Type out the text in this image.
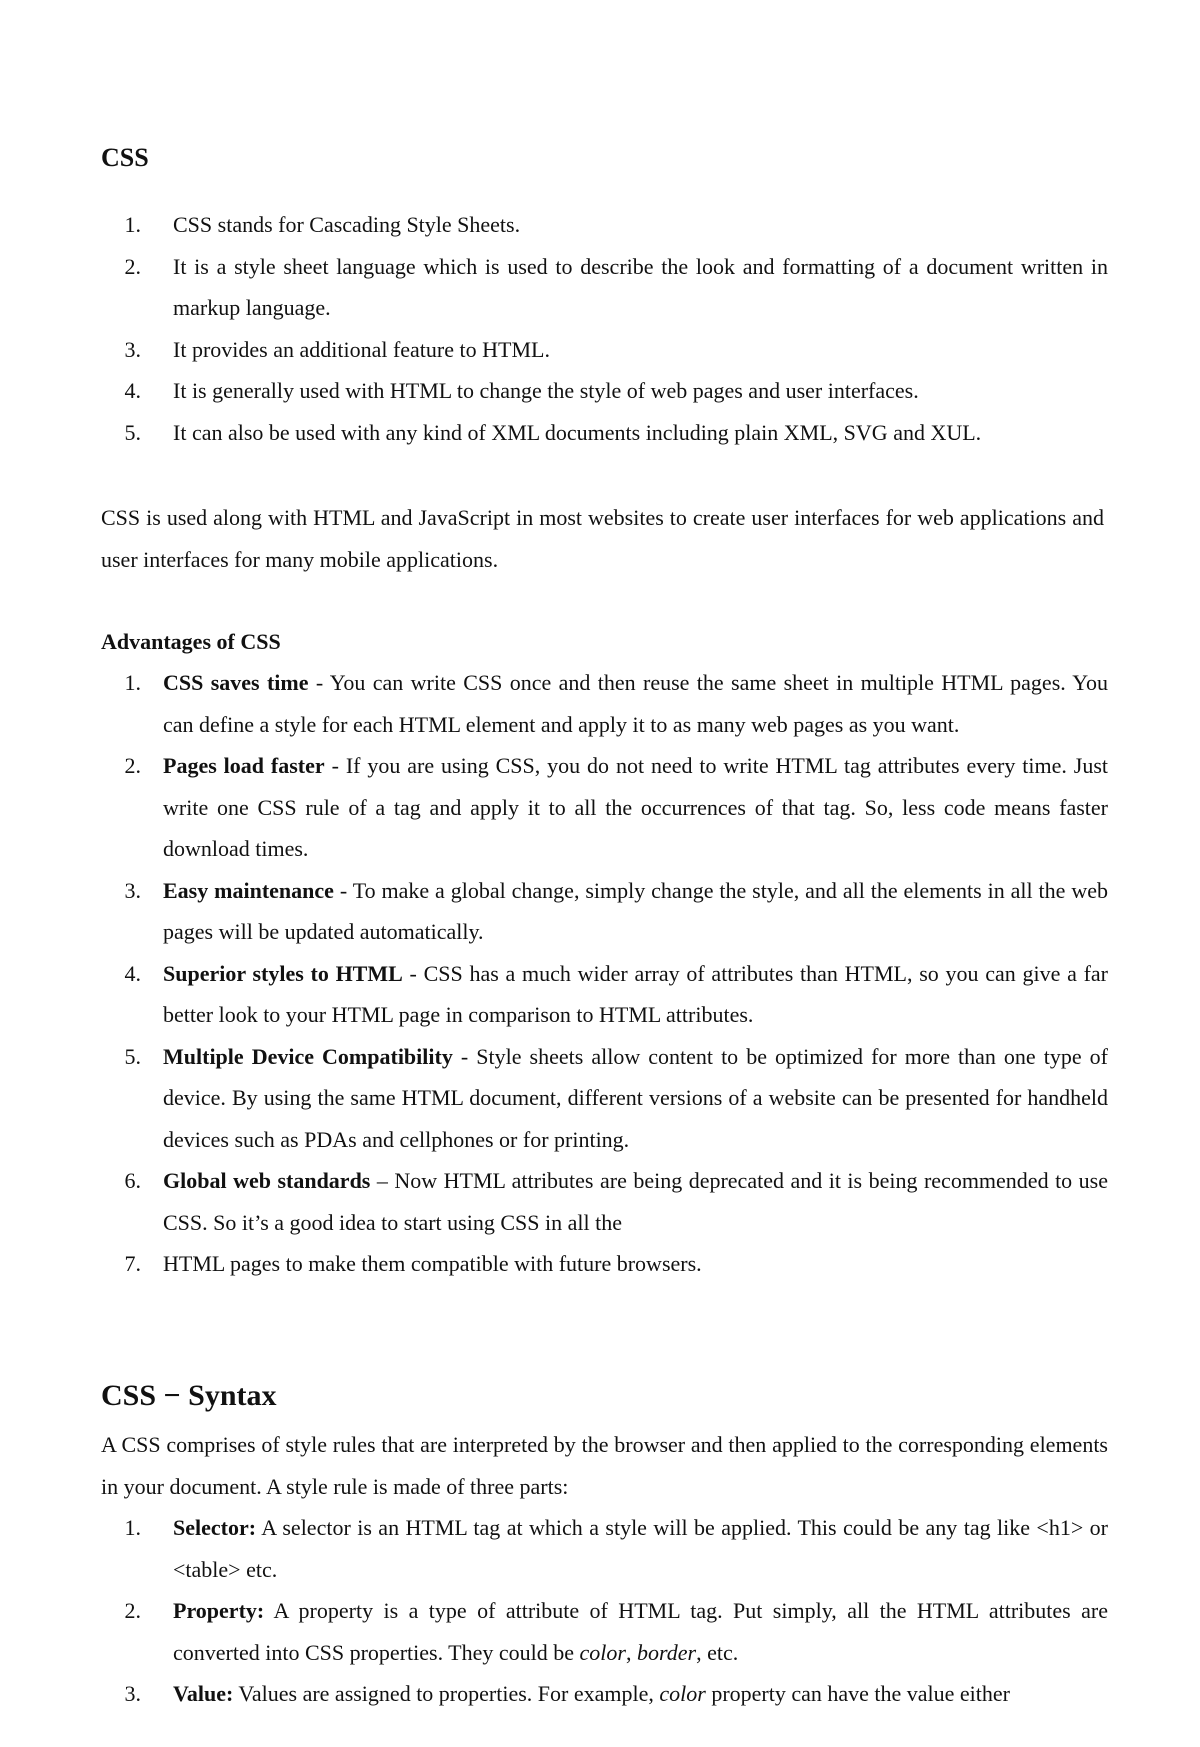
CSS
1. CSS stands for Cascading Style Sheets.
2. It is a style sheet language which is used to describe the look and formatting of a document written in markup language.
3. It provides an additional feature to HTML.
4. It is generally used with HTML to change the style of web pages and user interfaces.
5. It can also be used with any kind of XML documents including plain XML, SVG and XUL.

CSS is used along with HTML and JavaScript in most websites to create user interfaces for web applications and user interfaces for many mobile applications.

Advantages of CSS
1. CSS saves time - You can write CSS once and then reuse the same sheet in multiple HTML pages. You can define a style for each HTML element and apply it to as many web pages as you want.
2. Pages load faster - If you are using CSS, you do not need to write HTML tag attributes every time. Just write one CSS rule of a tag and apply it to all the occurrences of that tag. So, less code means faster download times.
3. Easy maintenance - To make a global change, simply change the style, and all the elements in all the web pages will be updated automatically.
4. Superior styles to HTML - CSS has a much wider array of attributes than HTML, so you can give a far better look to your HTML page in comparison to HTML attributes.
5. Multiple Device Compatibility - Style sheets allow content to be optimized for more than one type of device. By using the same HTML document, different versions of a website can be presented for handheld devices such as PDAs and cellphones or for printing.
6. Global web standards – Now HTML attributes are being deprecated and it is being recommended to use CSS. So it’s a good idea to start using CSS in all the
7. HTML pages to make them compatible with future browsers.
CSS − Syntax

A CSS comprises of style rules that are interpreted by the browser and then applied to the corresponding elements in your document. A style rule is made of three parts:

1. Selector: A selector is an HTML tag at which a style will be applied. This could be any tag like <h1> or <table> etc.
2. Property: A property is a type of attribute of HTML tag. Put simply, all the HTML attributes are converted into CSS properties. They could be color, border, etc.
3. Value: Values are assigned to properties. For example, color property can have the value either
